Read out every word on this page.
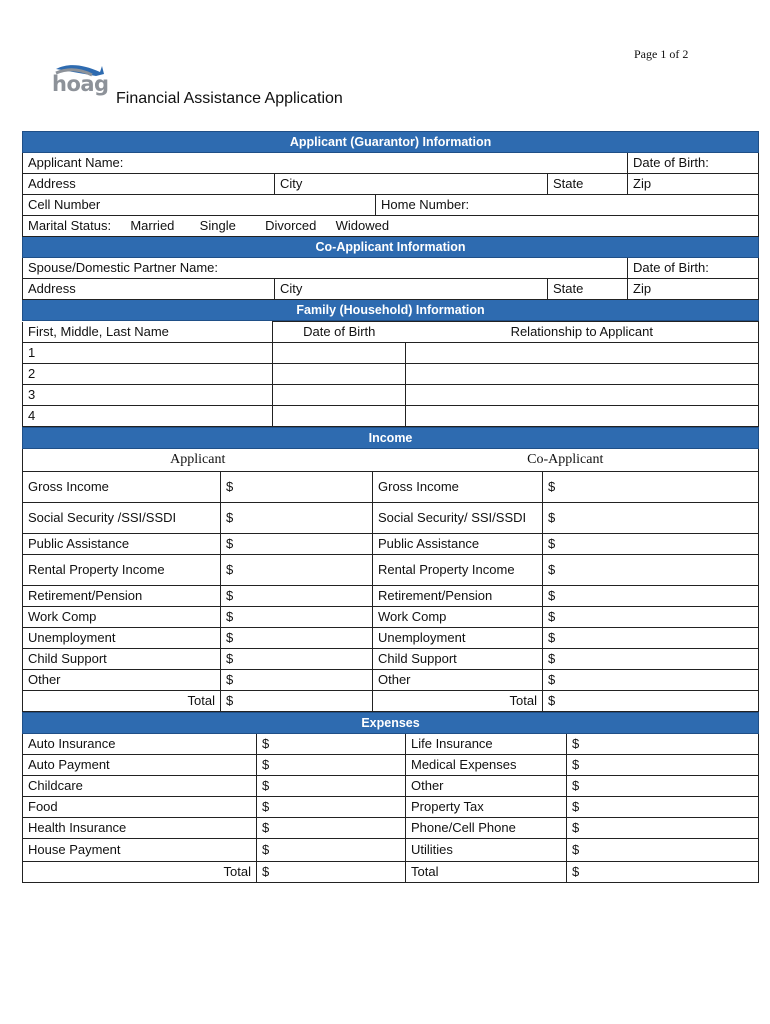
Page 1 of 2
hoag
Financial Assistance Application
Applicant (Guarantor) Information				
Applicant Name:				Date of Birth:
Address	City		State	Zip
Cell Number		Home Number:		
Marital Status: Married Single Divorced Widowed				
Co-Applicant Information				
Spouse/Domestic Partner Name:				Date of Birth:
Address	City		State	Zip
Family (Household) Information				
First, Middle, Last Name	Date of Birth	Relationship to Applicant
1		
2		
3		
4		
Income			
Applicant		Co-Applicant	
Gross Income	$	Gross Income	$
Social Security /SSI/SSDI	$	Social Security/ SSI/SSDI	$
Public Assistance	$	Public Assistance	$
Rental Property Income	$	Rental Property Income	$
Retirement/Pension	$	Retirement/Pension	$
Work Comp	$	Work Comp	$
Unemployment	$	Unemployment	$
Child Support	$	Child Support	$
Other	$	Other	$
Total	$	Total	$
Expenses			
Auto Insurance	$	Life Insurance	$
Auto Payment	$	Medical Expenses	$
Childcare	$	Other	$
Food	$	Property Tax	$
Health Insurance	$	Phone/Cell Phone	$
House Payment	$	Utilities	$
Total	$	Total	$
